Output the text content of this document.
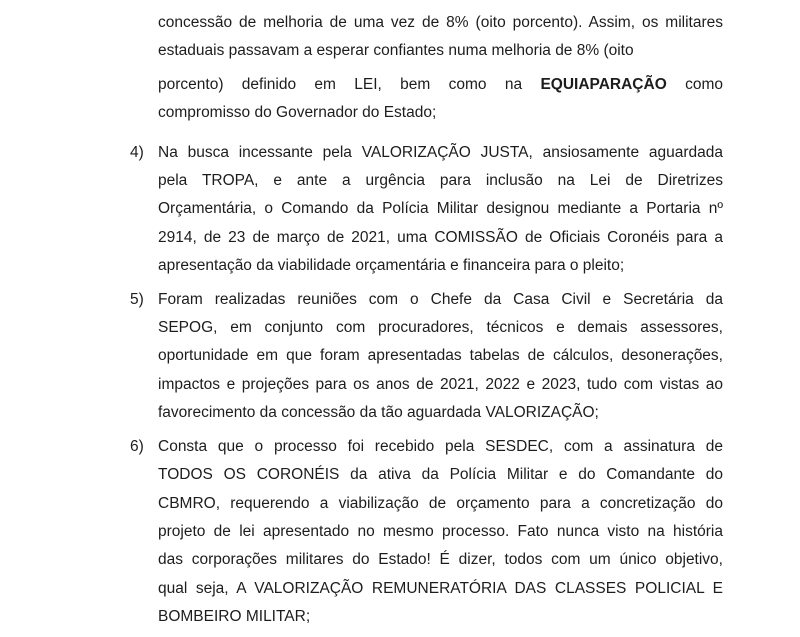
concessão de melhoria de uma vez de 8% (oito porcento). Assim, os militares
estaduais passavam a esperar confiantes numa melhoria de 8% (oito
porcento) definido em LEI, bem como na EQUIAPARAÇÃO como
compromisso do Governador do Estado;
4) Na busca incessante pela VALORIZAÇÃO JUSTA, ansiosamente aguardada
pela TROPA, e ante a urgência para inclusão na Lei de Diretrizes
Orçamentária, o Comando da Polícia Militar designou mediante a Portaria nº
2914, de 23 de março de 2021, uma COMISSÃO de Oficiais Coronéis para a
apresentação da viabilidade orçamentária e financeira para o pleito;
5) Foram realizadas reuniões com o Chefe da Casa Civil e Secretária da
SEPOG, em conjunto com procuradores, técnicos e demais assessores,
oportunidade em que foram apresentadas tabelas de cálculos, desonerações,
impactos e projeções para os anos de 2021, 2022 e 2023, tudo com vistas ao
favorecimento da concessão da tão aguardada VALORIZAÇÃO;
6) Consta que o processo foi recebido pela SESDEC, com a assinatura de
TODOS OS CORONÉIS da ativa da Polícia Militar e do Comandante do
CBMRO, requerendo a viabilização de orçamento para a concretização do
projeto de lei apresentado no mesmo processo. Fato nunca visto na história
das corporações militares do Estado! É dizer, todos com um único objetivo,
qual seja, A VALORIZAÇÃO REMUNERATÓRIA DAS CLASSES POLICIAL E
BOMBEIRO MILITAR;
